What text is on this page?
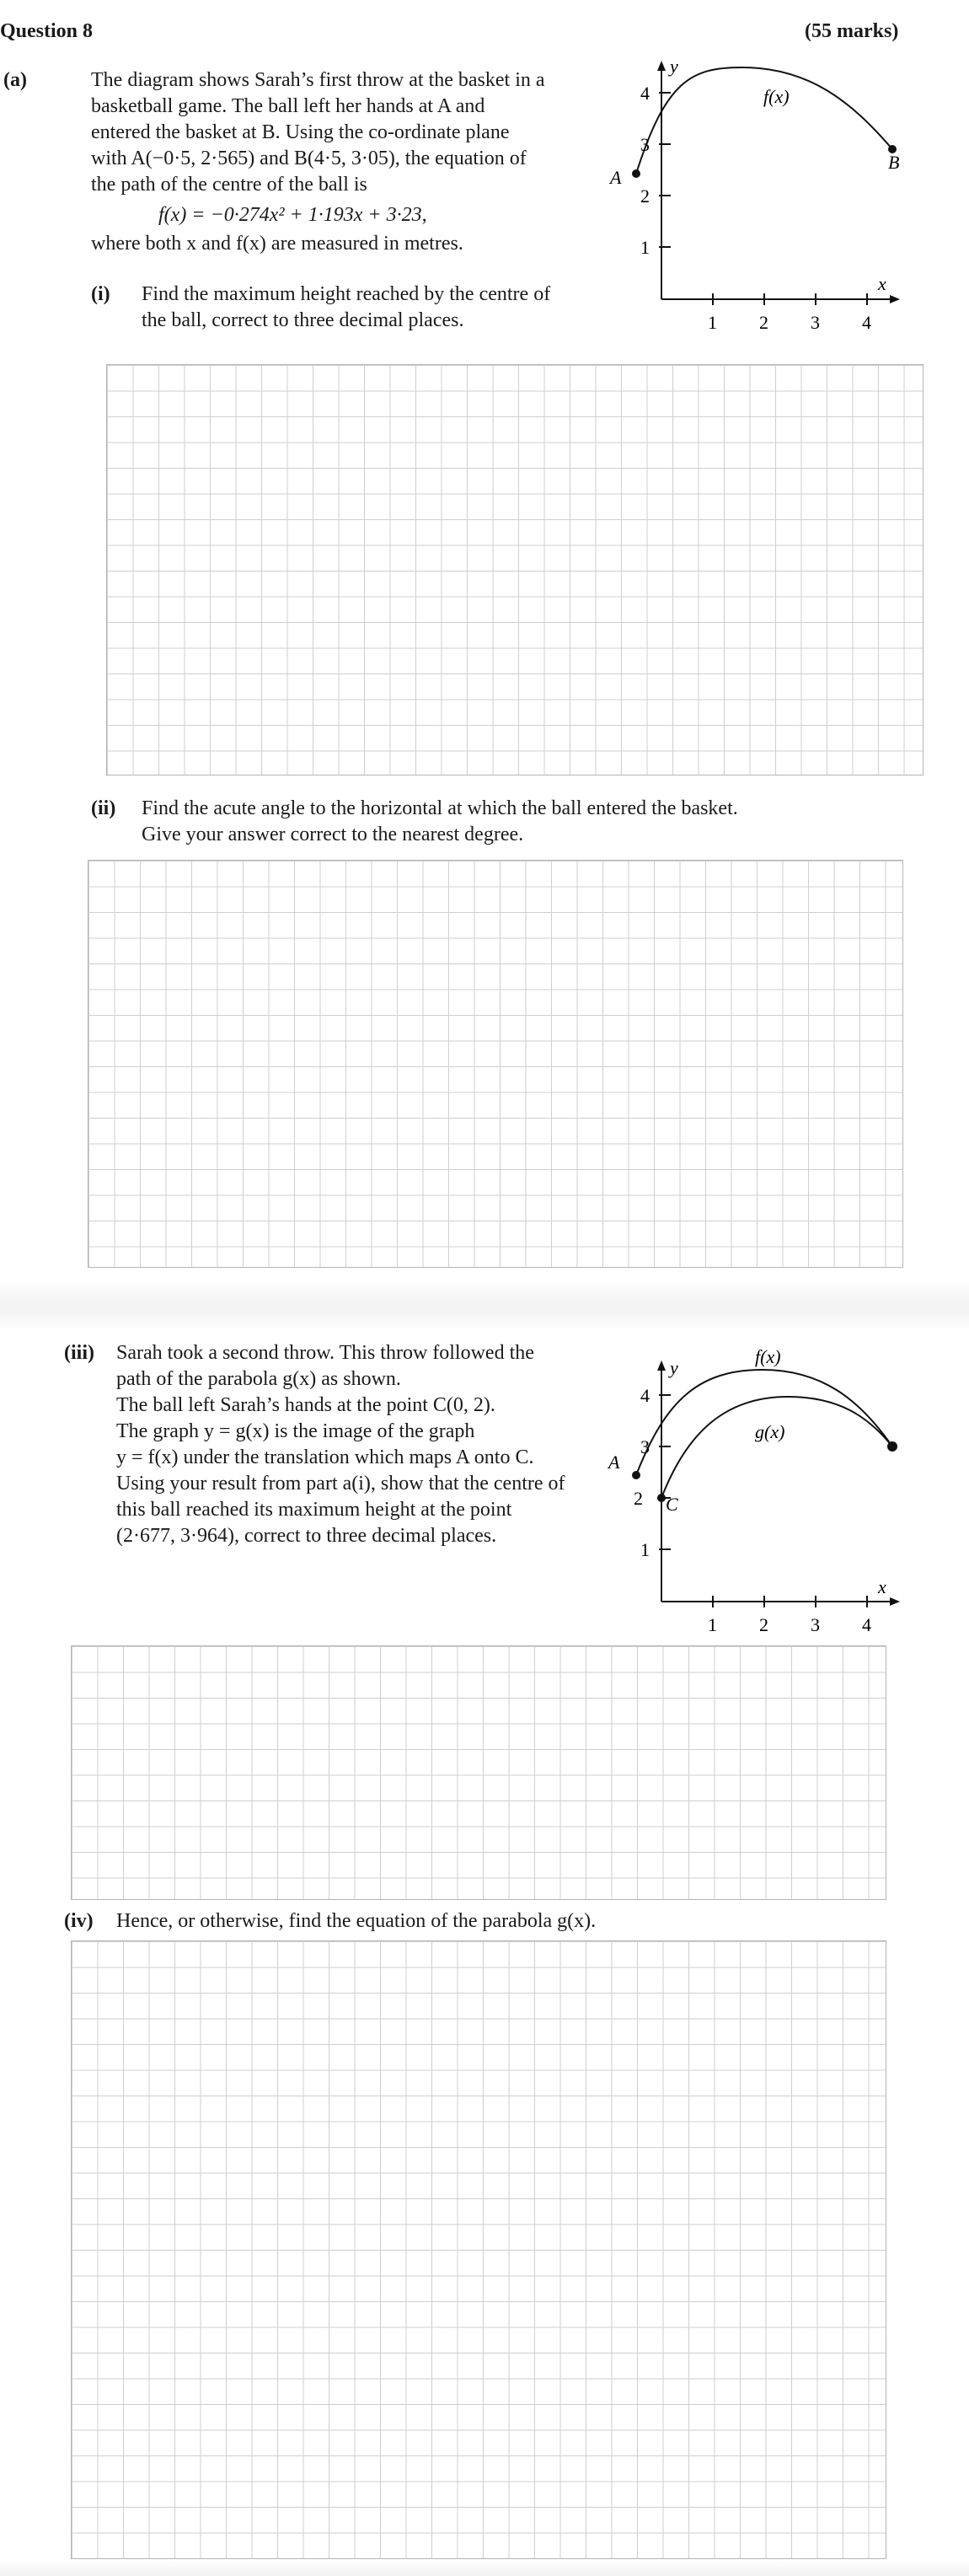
Question 8	(55 marks)
(a)	The diagram shows Sarah’s first throw at the basket in a
basketball game. The ball left her hands at A and
entered the basket at B. Using the co-ordinate plane
with A(−0·5, 2·565) and B(4·5, 3·05), the equation of
the path of the centre of the ball is
f(x) = −0·274x² + 1·193x + 3·23,
where both x and f(x) are measured in metres.
(i) Find the maximum height reached by the centre of
the ball, correct to three decimal places.
y
x
1
2
3
4
1 2 3 4
f(x)
A
B
(ii) Find the acute angle to the horizontal at which the ball entered the basket.
Give your answer correct to the nearest degree.
(iii) Sarah took a second throw. This throw followed the
path of the parabola g(x) as shown.
The ball left Sarah’s hands at the point C(0, 2).
The graph y = g(x) is the image of the graph
y = f(x) under the translation which maps A onto C.
Using your result from part a(i), show that the centre of
this ball reached its maximum height at the point
(2·677, 3·964), correct to three decimal places.
y
x
1
2
3
4
1 2 3 4
f(x)
g(x)
A
C
(iv) Hence, or otherwise, find the equation of the parabola g(x).
